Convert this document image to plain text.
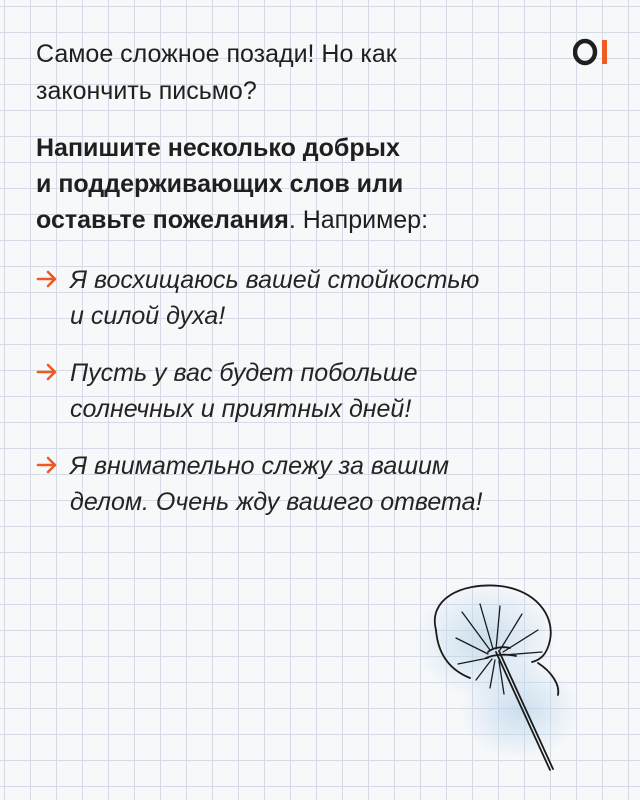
Самое сложное позади! Но как
закончить письмо?

Напишите несколько добрых
и поддерживающих слов или
оставьте пожелания. Например:

Я восхищаюсь вашей стойкостью
и силой духа!
Пусть у вас будет побольше
солнечных и приятных дней!
Я внимательно слежу за вашим
делом. Очень жду вашего ответа!
